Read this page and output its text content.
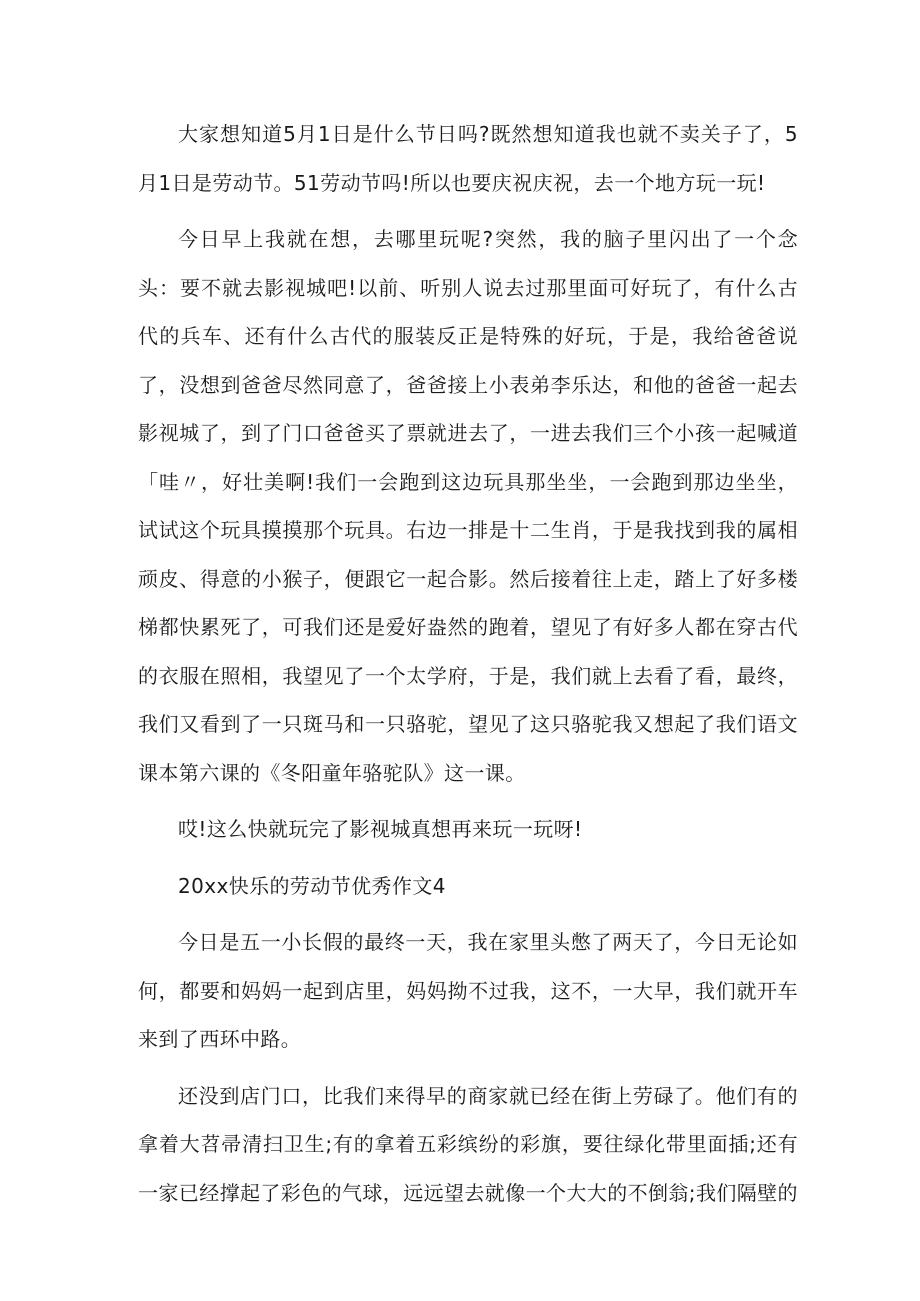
大家想知道5月1日是什么节日吗?既然想知道我也就不卖关子了，5月1日是劳动节。51劳动节吗!所以也要庆祝庆祝，去一个地方玩一玩!

今日早上我就在想，去哪里玩呢?突然，我的脑子里闪出了一个念头：要不就去影视城吧!以前、听别人说去过那里面可好玩了，有什么古代的兵车、还有什么古代的服装反正是特殊的好玩，于是，我给爸爸说了，没想到爸爸尽然同意了，爸爸接上小表弟李乐达，和他的爸爸一起去影视城了，到了门口爸爸买了票就进去了，一进去我们三个小孩一起喊道「哇〃，好壮美啊!我们一会跑到这边玩具那坐坐，一会跑到那边坐坐，试试这个玩具摸摸那个玩具。右边一排是十二生肖，于是我找到我的属相顽皮、得意的小猴子，便跟它一起合影。然后接着往上走，踏上了好多楼梯都快累死了，可我们还是爱好盎然的跑着，望见了有好多人都在穿古代的衣服在照相，我望见了一个太学府，于是，我们就上去看了看，最终，我们又看到了一只斑马和一只骆驼，望见了这只骆驼我又想起了我们语文课本第六课的《冬阳童年骆驼队》这一课。

哎!这么快就玩完了影视城真想再来玩一玩呀!

20xx快乐的劳动节优秀作文4

今日是五一小长假的最终一天，我在家里头憋了两天了，今日无论如何，都要和妈妈一起到店里，妈妈拗不过我，这不，一大早，我们就开车来到了西环中路。

还没到店门口，比我们来得早的商家就已经在街上劳碌了。他们有的拿着大苕帚清扫卫生;有的拿着五彩缤纷的彩旗，要往绿化带里面插;还有一家已经撑起了彩色的气球，远远望去就像一个大大的不倒翁;我们隔壁的
